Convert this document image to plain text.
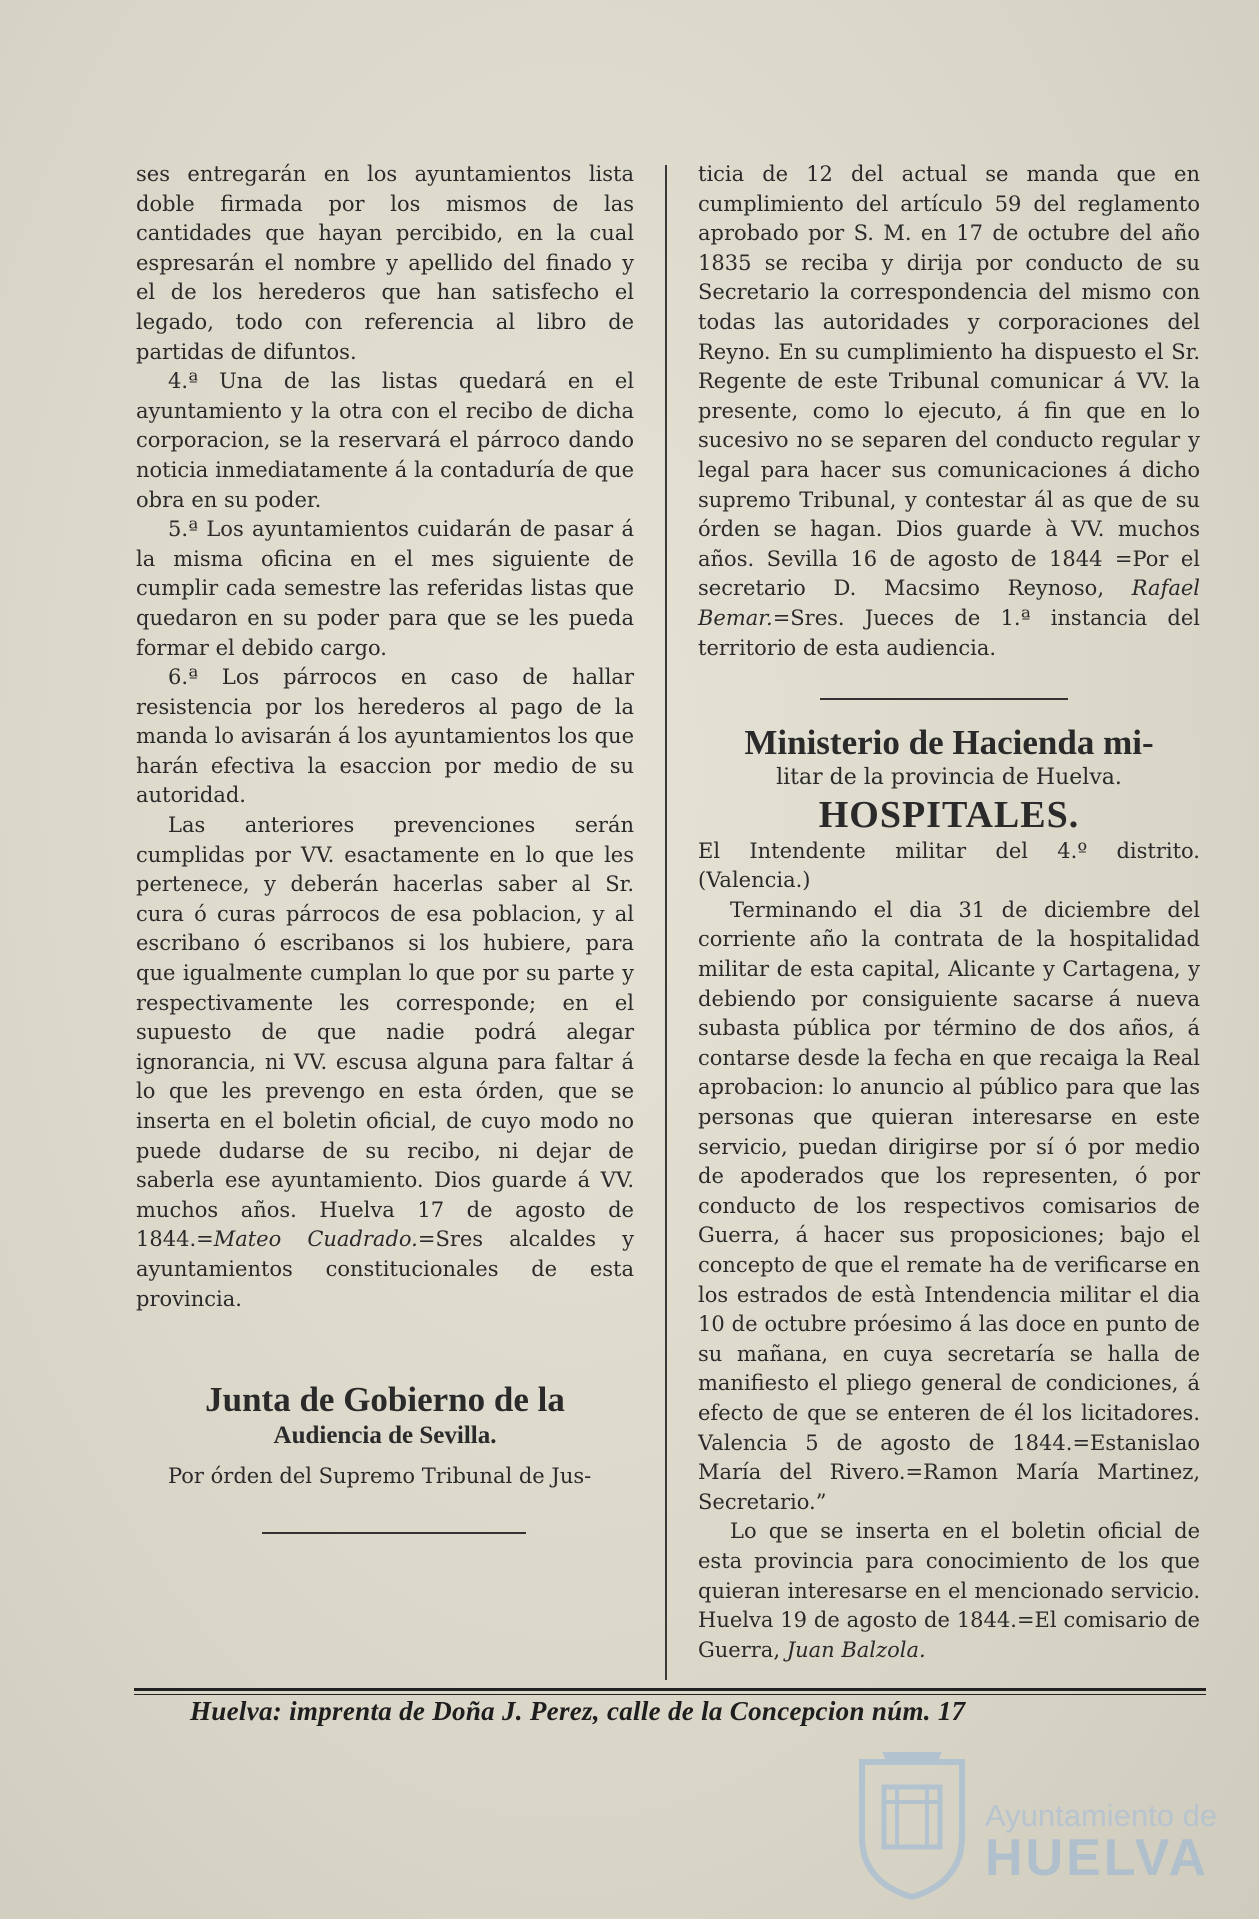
ses entregarán en los ayuntamientos lista doble firmada por los mismos de las cantidades que hayan percibido, en la cual espresarán el nombre y apellido del finado y el de los herederos que han satisfecho el legado, todo con referencia al libro de partidas de difuntos.

4.ª Una de las listas quedará en el ayuntamiento y la otra con el recibo de dicha corporacion, se la reservará el párroco dando noticia inmediatamente á la contaduría de que obra en su poder.

5.ª Los ayuntamientos cuidarán de pasar á la misma oficina en el mes siguiente de cumplir cada semestre las referidas listas que quedaron en su poder para que se les pueda formar el debido cargo.

6.ª Los párrocos en caso de hallar resistencia por los herederos al pago de la manda lo avisarán á los ayuntamientos los que harán efectiva la esaccion por medio de su autoridad.

Las anteriores prevenciones serán cumplidas por VV. esactamente en lo que les pertenece, y deberán hacerlas saber al Sr. cura ó curas párrocos de esa poblacion, y al escribano ó escribanos si los hubiere, para que igualmente cumplan lo que por su parte y respectivamente les corresponde; en el supuesto de que nadie podrá alegar ignorancia, ni VV. escusa alguna para faltar á lo que les prevengo en esta órden, que se inserta en el boletin oficial, de cuyo modo no puede dudarse de su recibo, ni dejar de saberla ese ayuntamiento. Dios guarde á VV. muchos años. Huelva 17 de agosto de 1844.=Mateo Cuadrado.=Sres alcaldes y ayuntamientos constitucionales de esta provincia.

Junta de Gobierno de la

Audiencia de Sevilla.

Por órden del Supremo Tribunal de Jus-

ticia de 12 del actual se manda que en cumplimiento del artículo 59 del reglamento aprobado por S. M. en 17 de octubre del año 1835 se reciba y dirija por conducto de su Secretario la correspondencia del mismo con todas las autoridades y corporaciones del Reyno. En su cumplimiento ha dispuesto el Sr. Regente de este Tribunal comunicar á VV. la presente, como lo ejecuto, á fin que en lo sucesivo no se separen del conducto regular y legal para hacer sus comunicaciones á dicho supremo Tribunal, y contestar ál as que de su órden se hagan. Dios guarde à VV. muchos años. Sevilla 16 de agosto de 1844 =Por el secretario D. Macsimo Reynoso, Rafael Bemar.=Sres. Jueces de 1.ª instancia del territorio de esta audiencia.

Ministerio de Hacienda mi-

litar de la provincia de Huelva.

HOSPITALES.

El Intendente militar del 4.º distrito. (Valencia.)

Terminando el dia 31 de diciembre del corriente año la contrata de la hospitalidad militar de esta capital, Alicante y Cartagena, y debiendo por consiguiente sacarse á nueva subasta pública por término de dos años, á contarse desde la fecha en que recaiga la Real aprobacion: lo anuncio al público para que las personas que quieran interesarse en este servicio, puedan dirigirse por sí ó por medio de apoderados que los representen, ó por conducto de los respectivos comisarios de Guerra, á hacer sus proposiciones; bajo el concepto de que el remate ha de verificarse en los estrados de està Intendencia militar el dia 10 de octubre próesimo á las doce en punto de su mañana, en cuya secretaría se halla de manifiesto el pliego general de condiciones, á efecto de que se enteren de él los licitadores. Valencia 5 de agosto de 1844.=Estanislao María del Rivero.=Ramon María Martinez, Secretario.”

Lo que se inserta en el boletin oficial de esta provincia para conocimiento de los que quieran interesarse en el mencionado servicio. Huelva 19 de agosto de 1844.=El comisario de Guerra, Juan Balzola.

Huelva: imprenta de Doña J. Perez, calle de la Concepcion núm. 17
Ayuntamiento de
HUELVA
